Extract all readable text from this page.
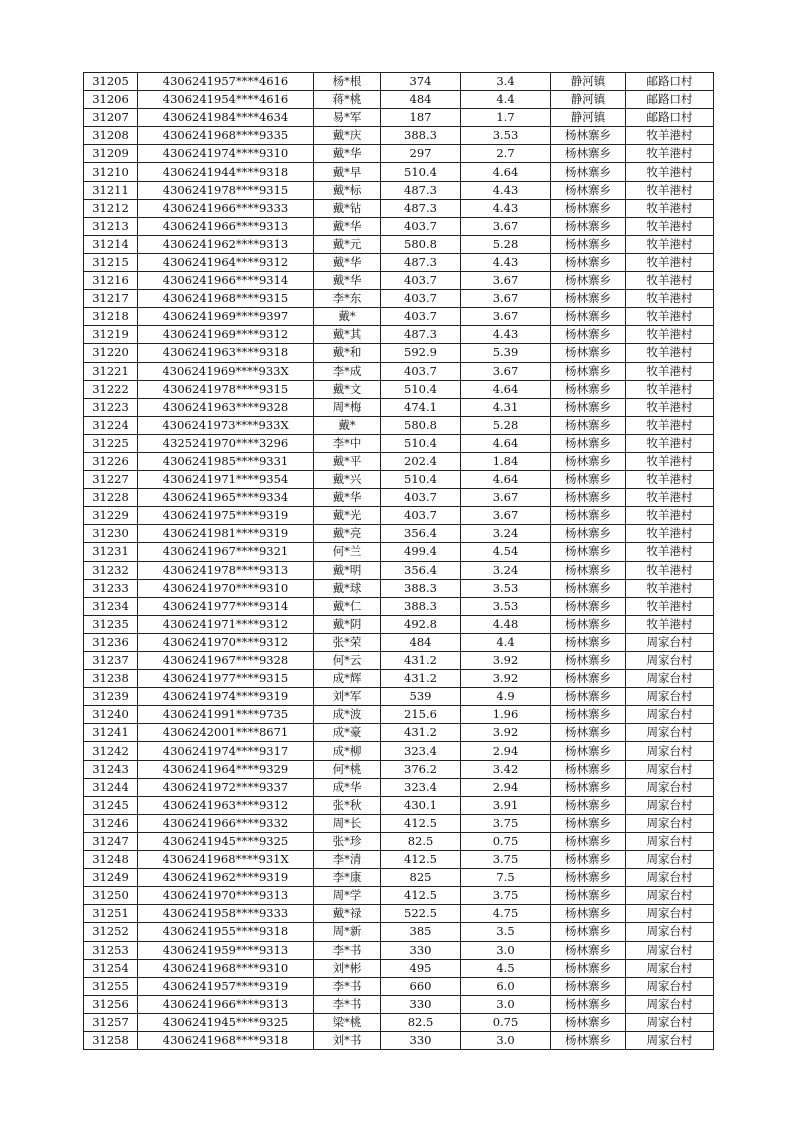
31205	4306241957****4616	杨*根	374	3.4	静河镇	邮路口村
31206	4306241954****4616	蒋*桃	484	4.4	静河镇	邮路口村
31207	4306241984****4634	易*军	187	1.7	静河镇	邮路口村
31208	4306241968****9335	戴*庆	388.3	3.53	杨林寨乡	牧羊港村
31209	4306241974****9310	戴*华	297	2.7	杨林寨乡	牧羊港村
31210	4306241944****9318	戴*早	510.4	4.64	杨林寨乡	牧羊港村
31211	4306241978****9315	戴*标	487.3	4.43	杨林寨乡	牧羊港村
31212	4306241966****9333	戴*钻	487.3	4.43	杨林寨乡	牧羊港村
31213	4306241966****9313	戴*华	403.7	3.67	杨林寨乡	牧羊港村
31214	4306241962****9313	戴*元	580.8	5.28	杨林寨乡	牧羊港村
31215	4306241964****9312	戴*华	487.3	4.43	杨林寨乡	牧羊港村
31216	4306241966****9314	戴*华	403.7	3.67	杨林寨乡	牧羊港村
31217	4306241968****9315	李*东	403.7	3.67	杨林寨乡	牧羊港村
31218	4306241969****9397	戴*	403.7	3.67	杨林寨乡	牧羊港村
31219	4306241969****9312	戴*其	487.3	4.43	杨林寨乡	牧羊港村
31220	4306241963****9318	戴*和	592.9	5.39	杨林寨乡	牧羊港村
31221	4306241969****933X	李*成	403.7	3.67	杨林寨乡	牧羊港村
31222	4306241978****9315	戴*文	510.4	4.64	杨林寨乡	牧羊港村
31223	4306241963****9328	周*梅	474.1	4.31	杨林寨乡	牧羊港村
31224	4306241973****933X	戴*	580.8	5.28	杨林寨乡	牧羊港村
31225	4325241970****3296	李*中	510.4	4.64	杨林寨乡	牧羊港村
31226	4306241985****9331	戴*平	202.4	1.84	杨林寨乡	牧羊港村
31227	4306241971****9354	戴*兴	510.4	4.64	杨林寨乡	牧羊港村
31228	4306241965****9334	戴*华	403.7	3.67	杨林寨乡	牧羊港村
31229	4306241975****9319	戴*光	403.7	3.67	杨林寨乡	牧羊港村
31230	4306241981****9319	戴*亮	356.4	3.24	杨林寨乡	牧羊港村
31231	4306241967****9321	何*兰	499.4	4.54	杨林寨乡	牧羊港村
31232	4306241978****9313	戴*明	356.4	3.24	杨林寨乡	牧羊港村
31233	4306241970****9310	戴*球	388.3	3.53	杨林寨乡	牧羊港村
31234	4306241977****9314	戴*仁	388.3	3.53	杨林寨乡	牧羊港村
31235	4306241971****9312	戴*阴	492.8	4.48	杨林寨乡	牧羊港村
31236	4306241970****9312	张*荣	484	4.4	杨林寨乡	周家台村
31237	4306241967****9328	何*云	431.2	3.92	杨林寨乡	周家台村
31238	4306241977****9315	成*辉	431.2	3.92	杨林寨乡	周家台村
31239	4306241974****9319	刘*军	539	4.9	杨林寨乡	周家台村
31240	4306241991****9735	成*波	215.6	1.96	杨林寨乡	周家台村
31241	4306242001****8671	成*豪	431.2	3.92	杨林寨乡	周家台村
31242	4306241974****9317	成*柳	323.4	2.94	杨林寨乡	周家台村
31243	4306241964****9329	何*桃	376.2	3.42	杨林寨乡	周家台村
31244	4306241972****9337	成*华	323.4	2.94	杨林寨乡	周家台村
31245	4306241963****9312	张*秋	430.1	3.91	杨林寨乡	周家台村
31246	4306241966****9332	周*长	412.5	3.75	杨林寨乡	周家台村
31247	4306241945****9325	张*珍	82.5	0.75	杨林寨乡	周家台村
31248	4306241968****931X	李*清	412.5	3.75	杨林寨乡	周家台村
31249	4306241962****9319	李*康	825	7.5	杨林寨乡	周家台村
31250	4306241970****9313	周*学	412.5	3.75	杨林寨乡	周家台村
31251	4306241958****9333	戴*禄	522.5	4.75	杨林寨乡	周家台村
31252	4306241955****9318	周*新	385	3.5	杨林寨乡	周家台村
31253	4306241959****9313	李*书	330	3.0	杨林寨乡	周家台村
31254	4306241968****9310	刘*彬	495	4.5	杨林寨乡	周家台村
31255	4306241957****9319	李*书	660	6.0	杨林寨乡	周家台村
31256	4306241966****9313	李*书	330	3.0	杨林寨乡	周家台村
31257	4306241945****9325	梁*桃	82.5	0.75	杨林寨乡	周家台村
31258	4306241968****9318	刘*书	330	3.0	杨林寨乡	周家台村
